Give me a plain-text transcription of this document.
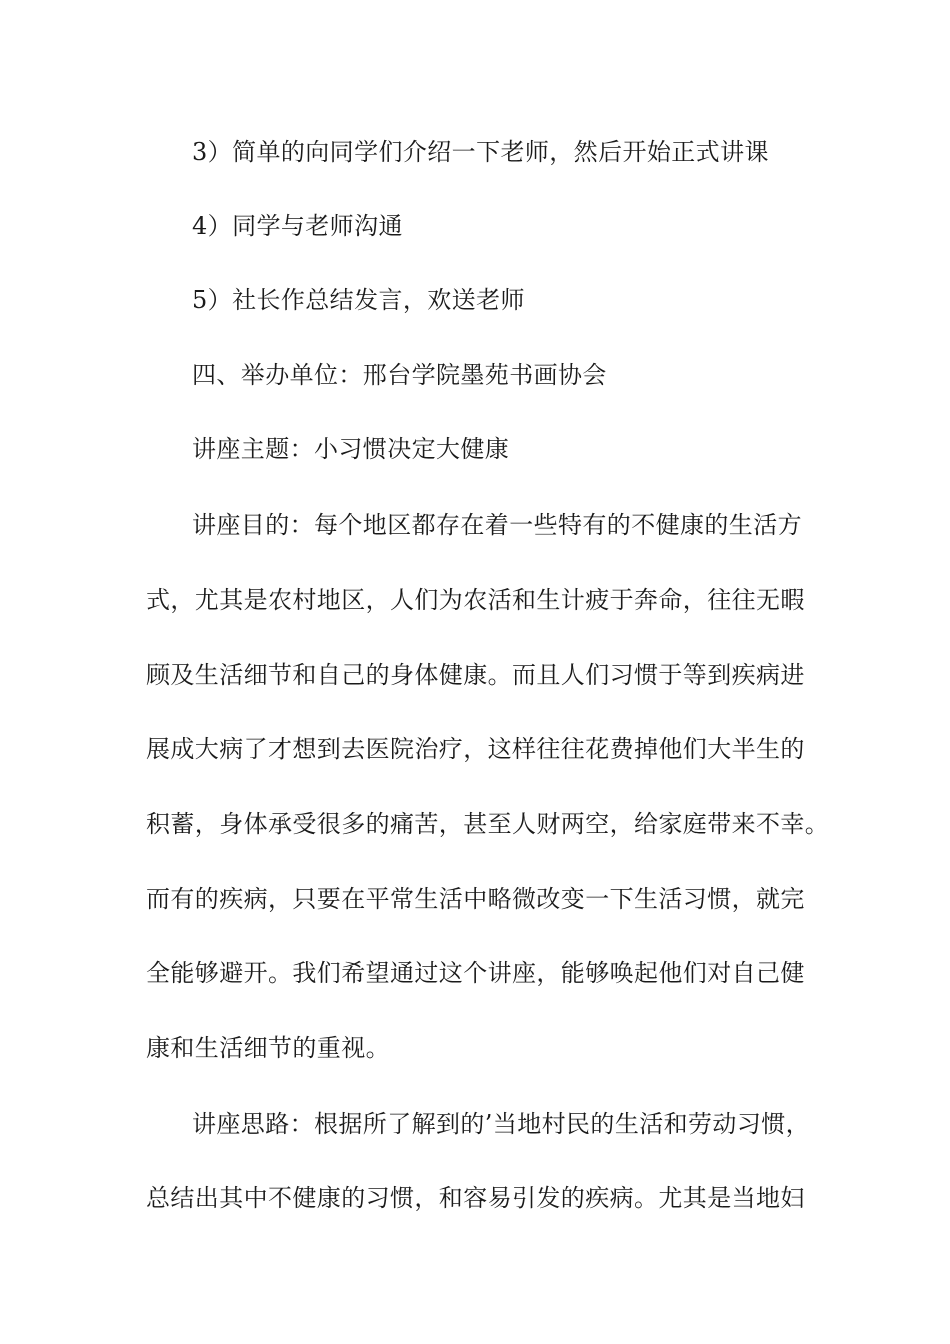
3）简单的向同学们介绍一下老师，然后开始正式讲课
4）同学与老师沟通
5）社长作总结发言，欢送老师
四、举办单位：邢台学院墨苑书画协会
讲座主题：小习惯决定大健康
讲座目的：每个地区都存在着一些特有的不健康的生活方
式，尤其是农村地区，人们为农活和生计疲于奔命，往往无暇
顾及生活细节和自己的身体健康。而且人们习惯于等到疾病进
展成大病了才想到去医院治疗，这样往往花费掉他们大半生的
积蓄，身体承受很多的痛苦，甚至人财两空，给家庭带来不幸。
而有的疾病，只要在平常生活中略微改变一下生活习惯，就完
全能够避开。我们希望通过这个讲座，能够唤起他们对自己健
康和生活细节的重视。
讲座思路：根据所了解到的’当地村民的生活和劳动习惯，
总结出其中不健康的习惯，和容易引发的疾病。尤其是当地妇
